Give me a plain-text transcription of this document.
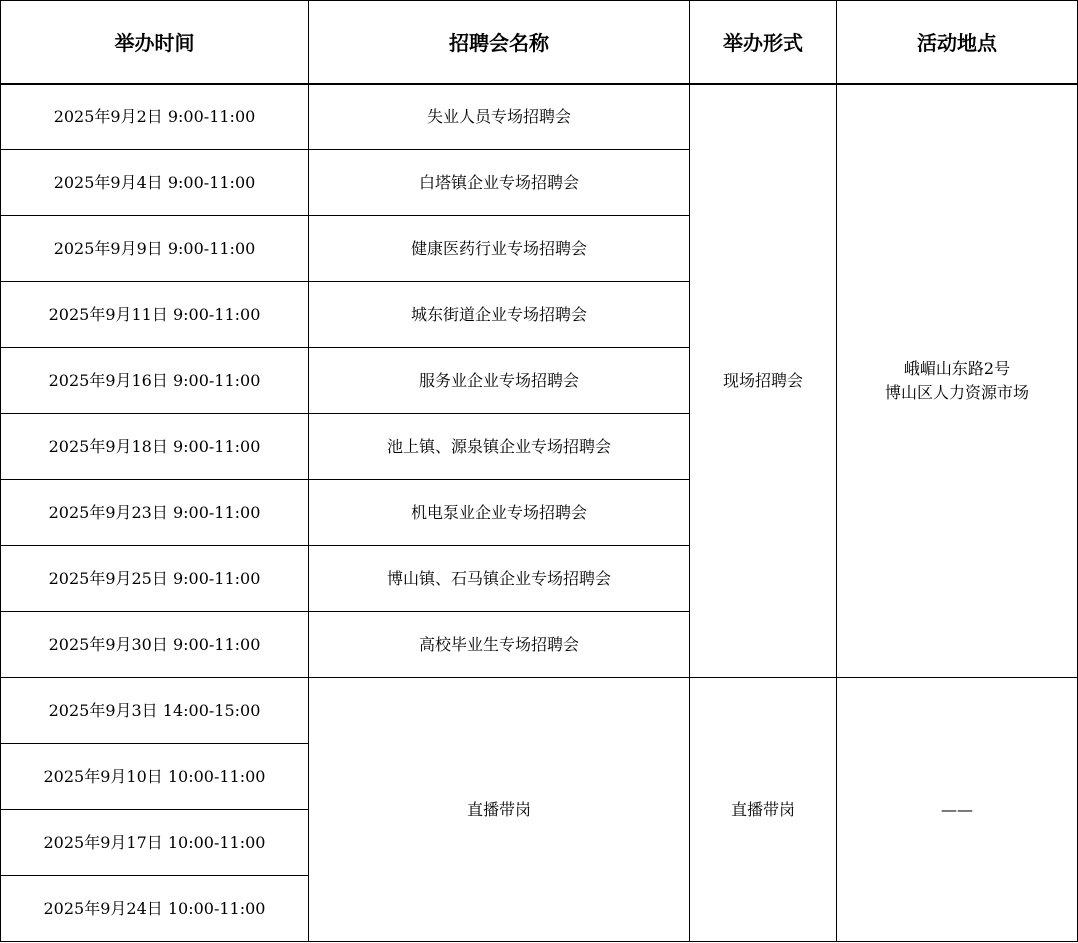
举办时间	招聘会名称	举办形式	活动地点
2025年9月2日 9:00-11:00	失业人员专场招聘会	现场招聘会	峨嵋山东路2号
博山区人力资源市场

2025年9月4日 9:00-11:00	白塔镇企业专场招聘会		
2025年9月9日 9:00-11:00	健康医药行业专场招聘会		
2025年9月11日 9:00-11:00	城东街道企业专场招聘会		
2025年9月16日 9:00-11:00	服务业企业专场招聘会		
2025年9月18日 9:00-11:00	池上镇、源泉镇企业专场招聘会		
2025年9月23日 9:00-11:00	机电泵业企业专场招聘会		
2025年9月25日 9:00-11:00	博山镇、石马镇企业专场招聘会		
2025年9月30日 9:00-11:00	高校毕业生专场招聘会		
2025年9月3日 14:00-15:00	直播带岗	直播带岗	——
2025年9月10日 10:00-11:00			
2025年9月17日 10:00-11:00			
2025年9月24日 10:00-11:00			
